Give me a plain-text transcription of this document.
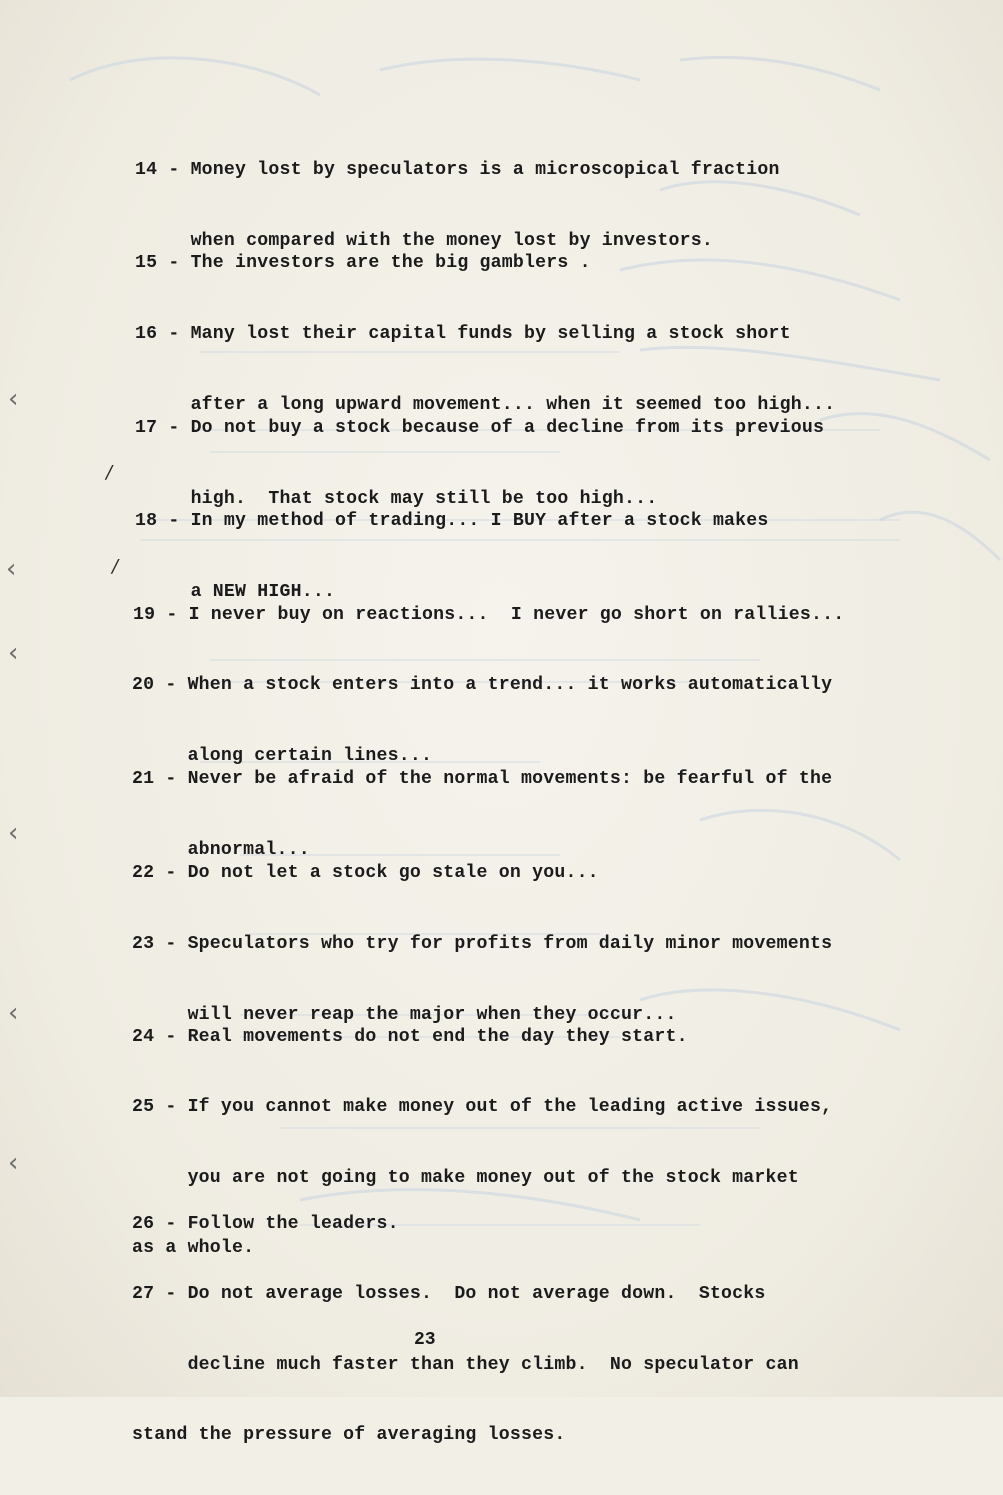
‹
‹
‹
‹
‹
‹
/
/

14 - Money lost by speculators is a microscopical fraction

when compared with the money lost by investors.

15 - The investors are the big gamblers .

16 - Many lost their capital funds by selling a stock short

after a long upward movement... when it seemed too high...

17 - Do not buy a stock because of a decline from its previous

high.  That stock may still be too high...

18 - In my method of trading... I BUY after a stock makes

a NEW HIGH...

19 - I never buy on reactions...  I never go short on rallies...

20 - When a stock enters into a trend... it works automatically

along certain lines...

21 - Never be afraid of the normal movements: be fearful of the

abnormal...

22 - Do not let a stock go stale on you...

23 - Speculators who try for profits from daily minor movements

will never reap the major when they occur...

24 - Real movements do not end the day they start.

25 - If you cannot make money out of the leading active issues,

you are not going to make money out of the stock market

as a whole.

26 - Follow the leaders.

27 - Do not average losses.  Do not average down.  Stocks

decline much faster than they climb.  No speculator can

stand the pressure of averaging losses.

23
